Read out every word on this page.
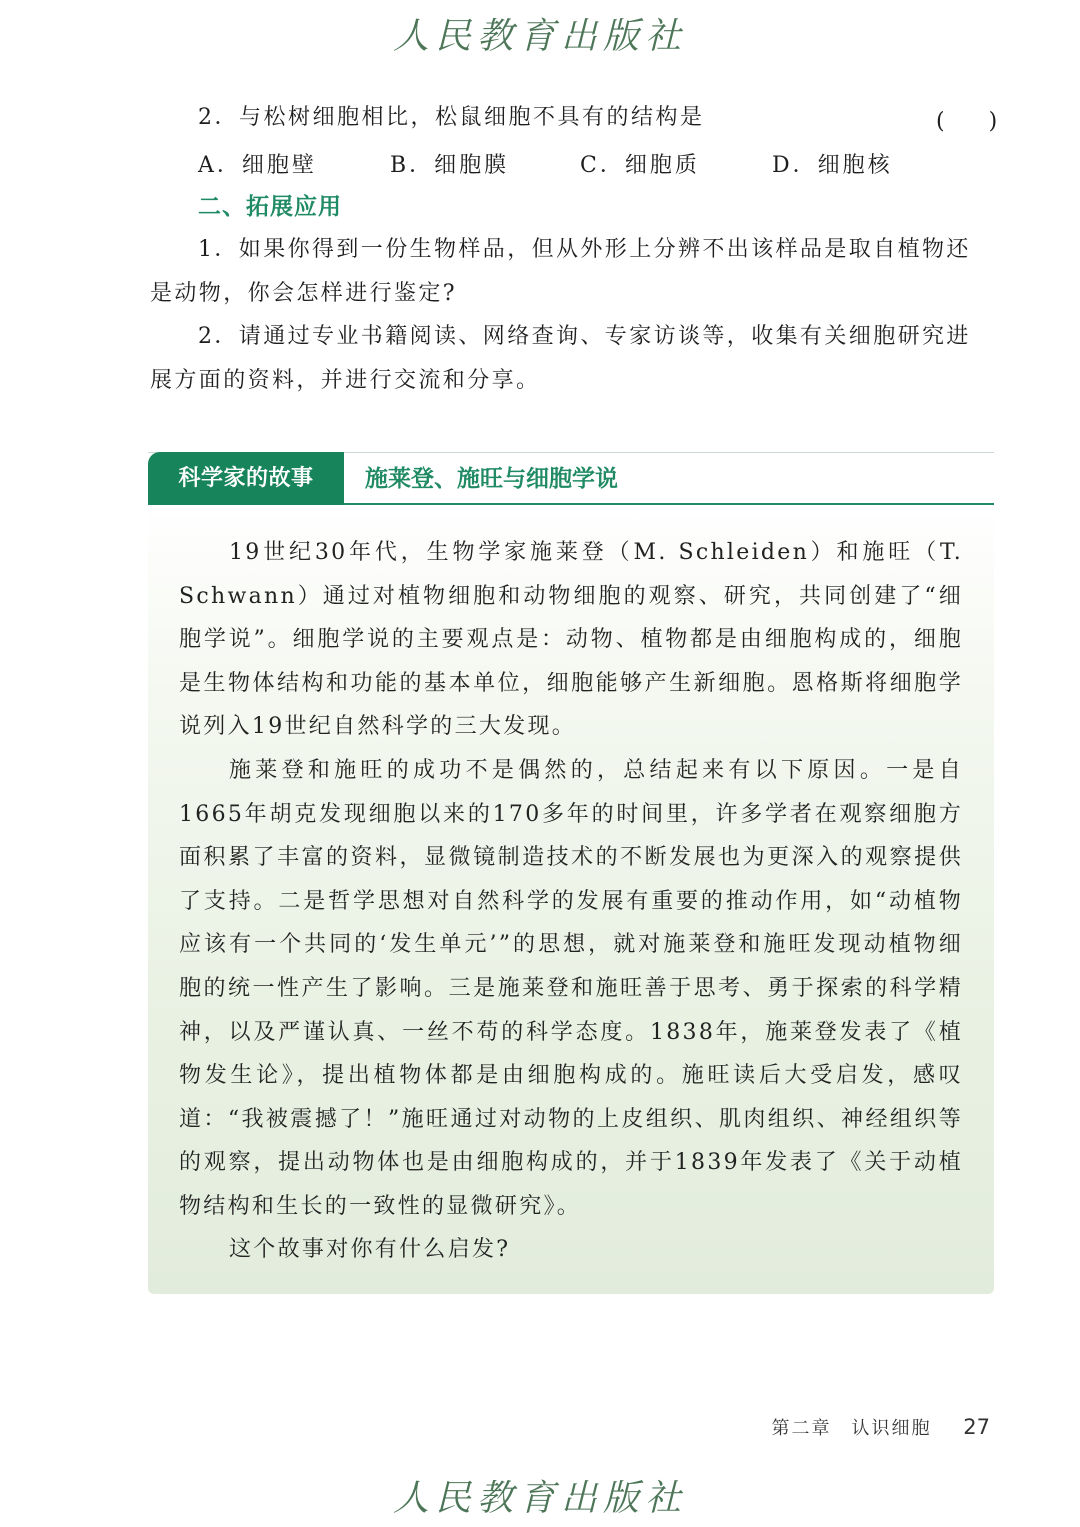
人民教育出版社
2．与松树细胞相比，松鼠细胞不具有的结构是	(　　)
A．细胞壁	B．细胞膜	C．细胞质	D．细胞核
二、拓展应用
1．如果你得到一份生物样品，但从外形上分辨不出该样品是取自植物还是动物，你会怎样进行鉴定?
2．请通过专业书籍阅读、网络查询、专家访谈等，收集有关细胞研究进展方面的资料，并进行交流和分享。
科学家的故事	施莱登、施旺与细胞学说
19世纪30年代，生物学家施莱登（M. Schleiden）和施旺（T. Schwann）通过对植物细胞和动物细胞的观察、研究，共同创建了“细胞学说”。细胞学说的主要观点是：动物、植物都是由细胞构成的，细胞是生物体结构和功能的基本单位，细胞能够产生新细胞。恩格斯将细胞学说列入19世纪自然科学的三大发现。
施莱登和施旺的成功不是偶然的，总结起来有以下原因。一是自1665年胡克发现细胞以来的170多年的时间里，许多学者在观察细胞方面积累了丰富的资料，显微镜制造技术的不断发展也为更深入的观察提供了支持。二是哲学思想对自然科学的发展有重要的推动作用，如“动植物应该有一个共同的‘发生单元’”的思想，就对施莱登和施旺发现动植物细胞的统一性产生了影响。三是施莱登和施旺善于思考、勇于探索的科学精神，以及严谨认真、一丝不苟的科学态度。1838年，施莱登发表了《植物发生论》，提出植物体都是由细胞构成的。施旺读后大受启发，感叹道：“我被震撼了！”施旺通过对动物的上皮组织、肌肉组织、神经组织等的观察，提出动物体也是由细胞构成的，并于1839年发表了《关于动植物结构和生长的一致性的显微研究》。
这个故事对你有什么启发?
第二章　认识细胞 27
人民教育出版社
